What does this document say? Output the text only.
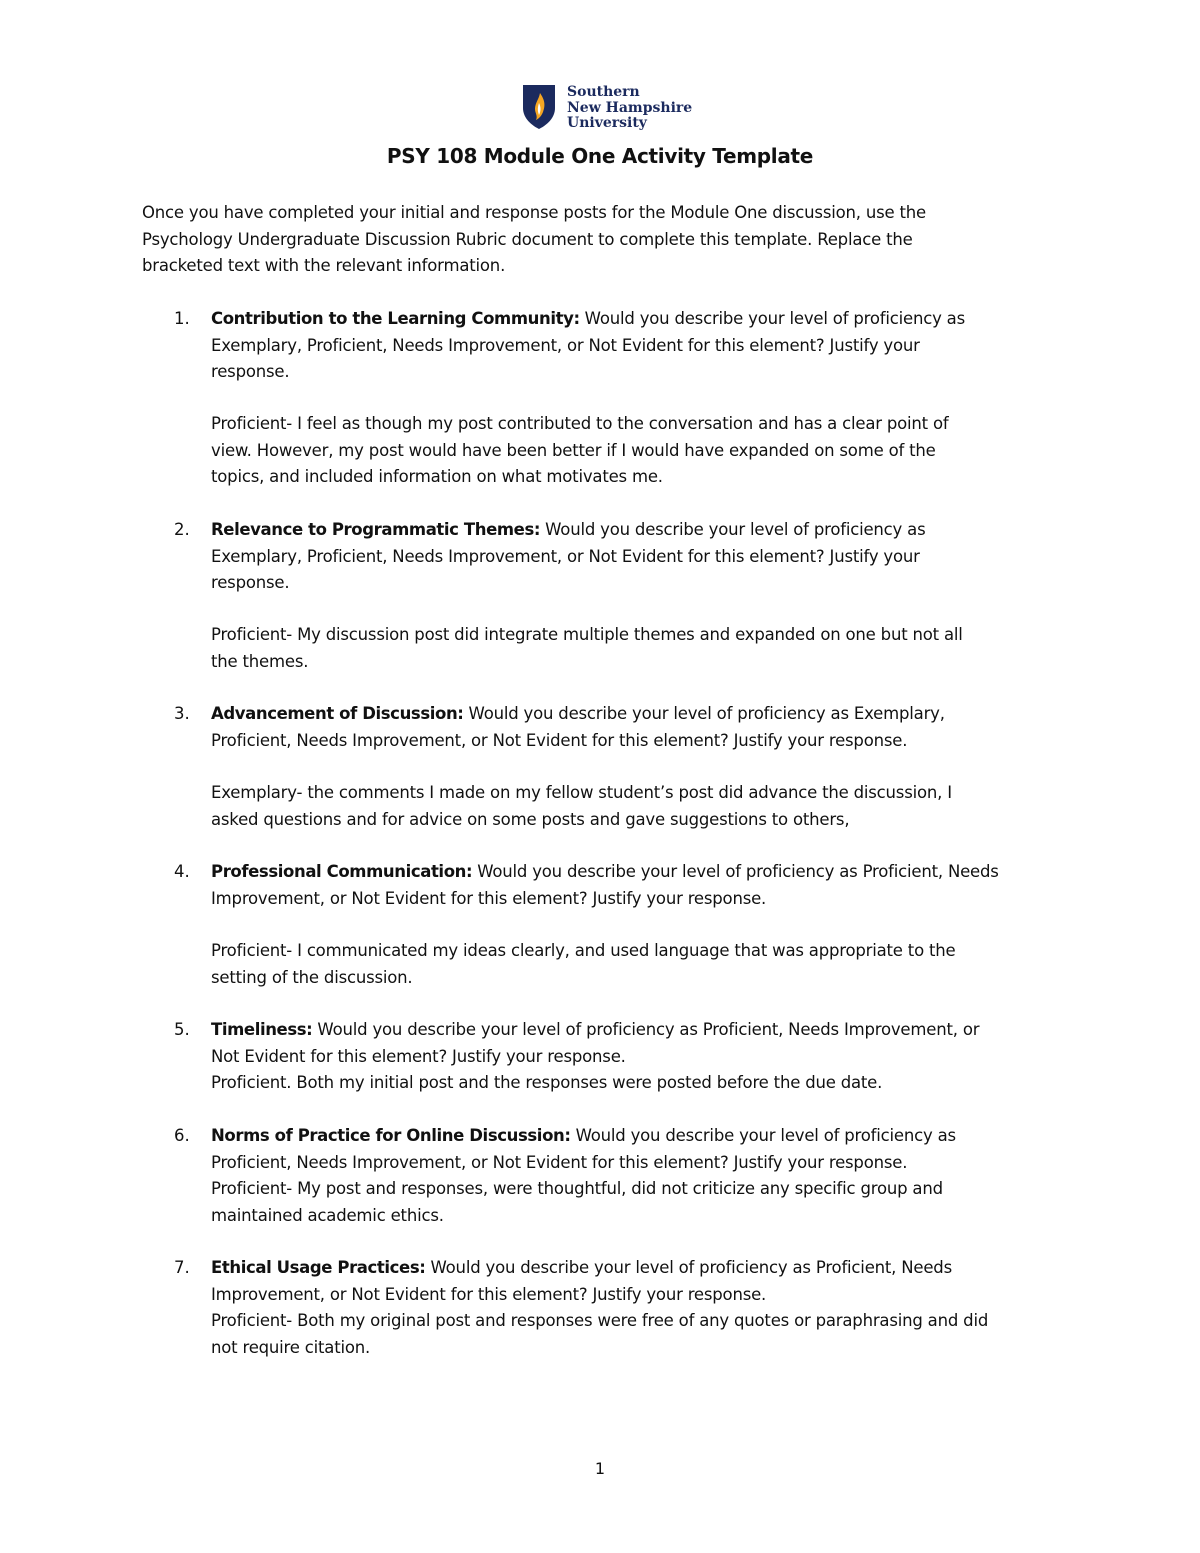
Southern
New Hampshire
University
PSY 108 Module One Activity Template
Once you have completed your initial and response posts for the Module One discussion, use the
Psychology Undergraduate Discussion Rubric document to complete this template. Replace the
bracketed text with the relevant information.
1. Contribution to the Learning Community: Would you describe your level of proficiency as
Exemplary, Proficient, Needs Improvement, or Not Evident for this element? Justify your
response.
Proficient- I feel as though my post contributed to the conversation and has a clear point of
view. However, my post would have been better if I would have expanded on some of the
topics, and included information on what motivates me.
2. Relevance to Programmatic Themes: Would you describe your level of proficiency as
Exemplary, Proficient, Needs Improvement, or Not Evident for this element? Justify your
response.
Proficient- My discussion post did integrate multiple themes and expanded on one but not all
the themes.
3. Advancement of Discussion: Would you describe your level of proficiency as Exemplary,
Proficient, Needs Improvement, or Not Evident for this element? Justify your response.
Exemplary- the comments I made on my fellow student’s post did advance the discussion, I
asked questions and for advice on some posts and gave suggestions to others,
4. Professional Communication: Would you describe your level of proficiency as Proficient, Needs
Improvement, or Not Evident for this element? Justify your response.
Proficient- I communicated my ideas clearly, and used language that was appropriate to the
setting of the discussion.
5. Timeliness: Would you describe your level of proficiency as Proficient, Needs Improvement, or
Not Evident for this element? Justify your response.
Proficient. Both my initial post and the responses were posted before the due date.
6. Norms of Practice for Online Discussion: Would you describe your level of proficiency as
Proficient, Needs Improvement, or Not Evident for this element? Justify your response.
Proficient- My post and responses, were thoughtful, did not criticize any specific group and
maintained academic ethics.
7. Ethical Usage Practices: Would you describe your level of proficiency as Proficient, Needs
Improvement, or Not Evident for this element? Justify your response.
Proficient- Both my original post and responses were free of any quotes or paraphrasing and did
not require citation.
1
